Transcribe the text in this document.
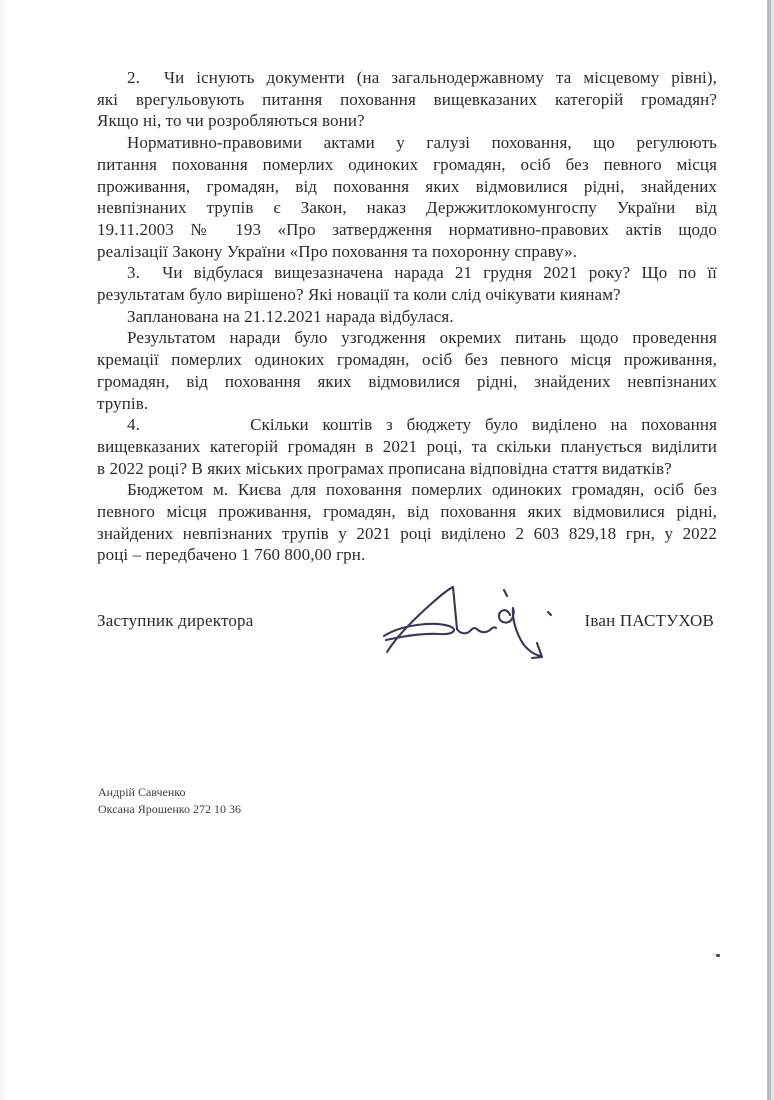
2.  Чи існують документи (на загальнодержавному та місцевому рівні),
які врегульовують питання поховання вищевказаних категорій громадян?
Якщо ні, то чи розробляються вони?
Нормативно-правовими актами у галузі поховання, що регулюють
питання поховання померлих одиноких громадян, осіб без певного місця
проживання, громадян, від поховання яких відмовилися рідні, знайдених
невпізнаних трупів є Закон, наказ Держжитлокомунгоспу України від
19.11.2003 № 193 «Про затвердження нормативно-правових актів щодо
реалізації Закону України «Про поховання та похоронну справу».
3.  Чи відбулася вищезазначена нарада 21 грудня 2021 року? Що по її
результатам було вирішено? Які новації та коли слід очікувати киянам?
Запланована на 21.12.2021 нарада відбулася.
Результатом наради було узгодження окремих питань щодо проведення
кремації померлих одиноких громадян, осіб без певного місця проживання,
громадян, від поховання яких відмовилися рідні, знайдених невпізнаних
трупів.
4.        Скільки коштів з бюджету було виділено на поховання
вищевказаних категорій громадян в 2021 році, та скільки планується виділити
в 2022 році? В яких міських програмах прописана відповідна стаття видатків?
Бюджетом м. Києва для поховання померлих одиноких громадян, осіб без
певного місця проживання, громадян, від поховання яких відмовилися рідні,
знайдених невпізнаних трупів у 2021 році виділено 2 603 829,18 грн, у 2022
році – передбачено 1 760 800,00 грн.
Заступник директора	Іван ПАСТУХОВ
Андрій Савченко
Оксана Ярошенко 272 10 36
